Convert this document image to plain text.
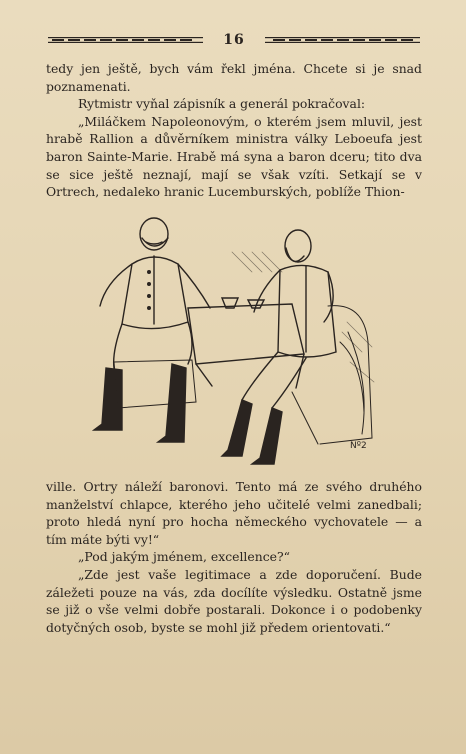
16

tedy jen ještě, bych vám řekl jména. Chcete si je snad poznamenati.

Rytmistr vyňal zápisník a generál pokračoval:

„Miláčkem Napoleonovým, o kterém jsem mluvil, jest hrabě Rallion a důvěrníkem ministra války Leboeufa jest baron Sainte-Marie. Hrabě má syna a baron dceru; tito dva se sice ještě neznají, mají se však vzíti. Setkají se v Ortrech, nedaleko hranic Lucemburských, poblíže Thion-

Nº2

ville. Ortry náleží baronovi. Tento má ze svého druhého manželství chlapce, kterého jeho učitelé velmi zanedbali; proto hledá nyní pro hocha německého vychovatele — a tím máte býti vy!“

„Pod jakým jménem, excellence?“

„Zde jest vaše legitimace a zde doporučení. Bude záležeti pouze na vás, zda docílíte výsledku. Ostatně jsme se již o vše velmi dobře postarali. Dokonce i o podobenky dotyčných osob, byste se mohl již předem orientovati.“
